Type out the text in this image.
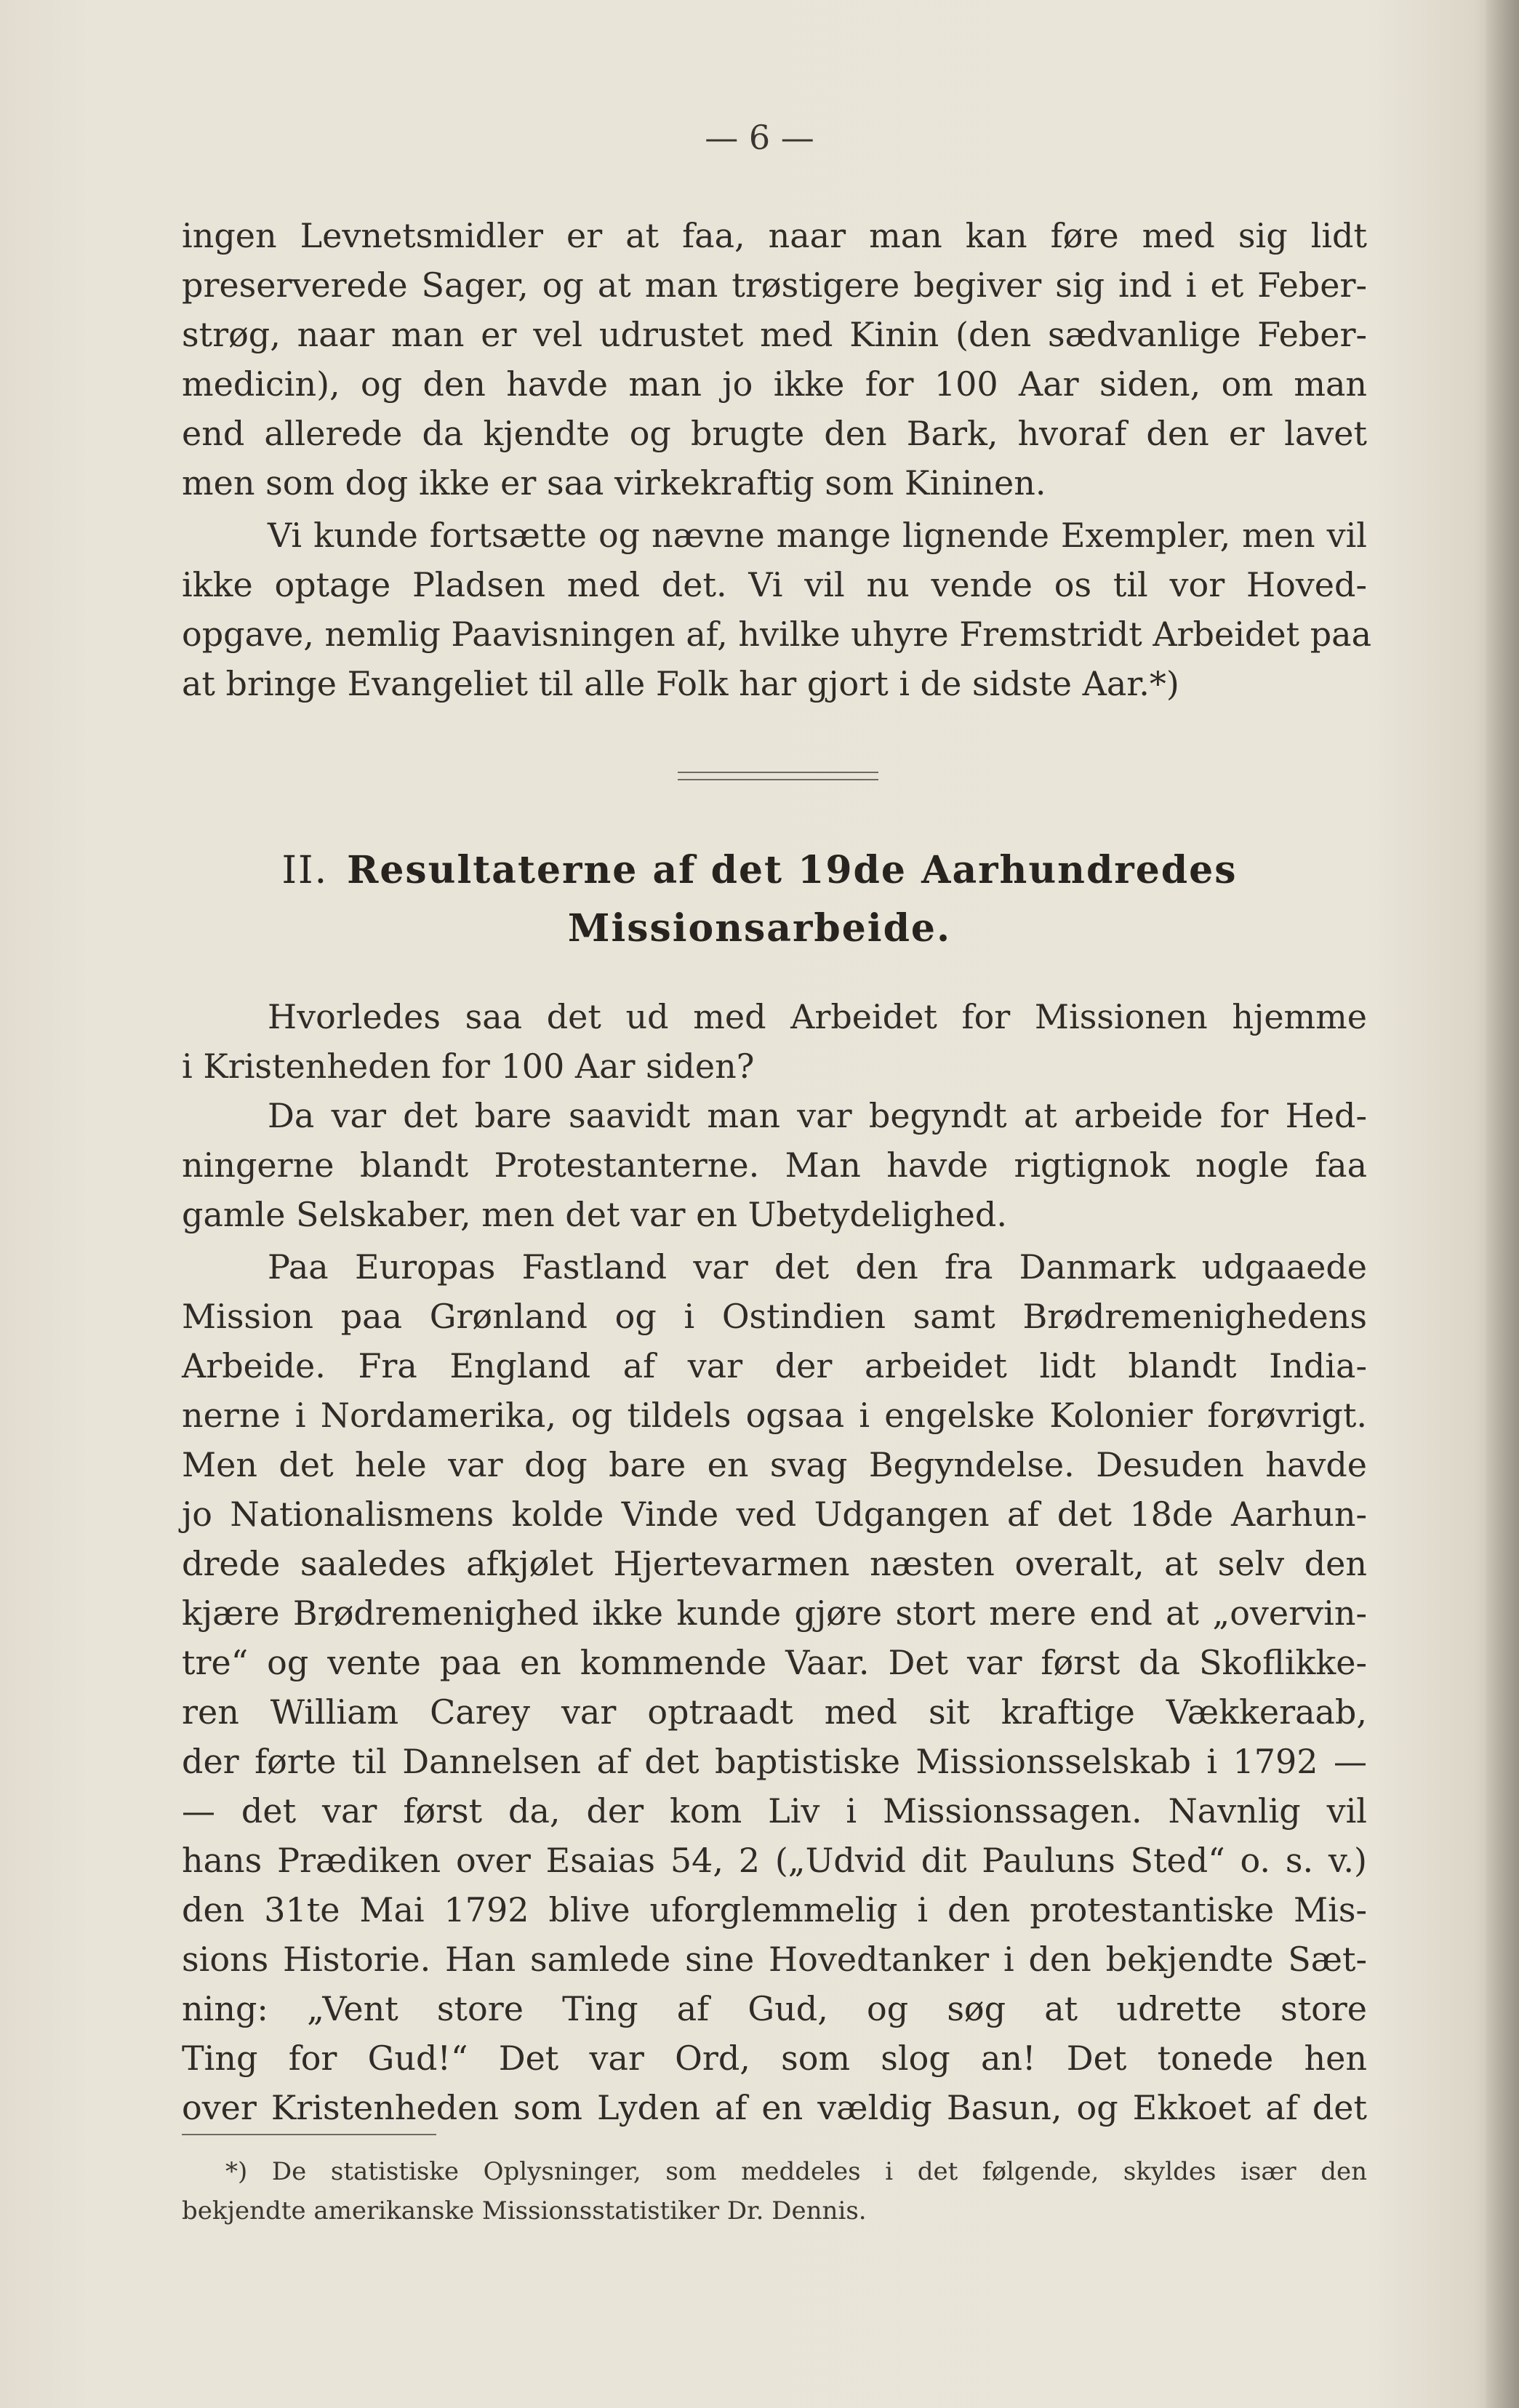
— 6 —
ingen Levnetsmidler er at faa, naar man kan føre med sig lidt
preserverede Sager, og at man trøstigere begiver sig ind i et Feber-
strøg, naar man er vel udrustet med Kinin (den sædvanlige Feber-
medicin), og den havde man jo ikke for 100 Aar siden, om man
end allerede da kjendte og brugte den Bark, hvoraf den er lavet
men som dog ikke er saa virkekraftig som Kininen.
Vi kunde fortsætte og nævne mange lignende Exempler, men vil
ikke optage Pladsen med det. Vi vil nu vende os til vor Hoved-
opgave, nemlig Paavisningen af, hvilke uhyre Fremstridt Arbeidet paa
at bringe Evangeliet til alle Folk har gjort i de sidste Aar.*)
II. Resultaterne af det 19de Aarhundredes
Missionsarbeide.
Hvorledes saa det ud med Arbeidet for Missionen hjemme
i Kristenheden for 100 Aar siden?
Da var det bare saavidt man var begyndt at arbeide for Hed-
ningerne blandt Protestanterne. Man havde rigtignok nogle faa
gamle Selskaber, men det var en Ubetydelighed.
Paa Europas Fastland var det den fra Danmark udgaaede
Mission paa Grønland og i Ostindien samt Brødremenighedens
Arbeide. Fra England af var der arbeidet lidt blandt India-
nerne i Nordamerika, og tildels ogsaa i engelske Kolonier forøvrigt.
Men det hele var dog bare en svag Begyndelse. Desuden havde
jo Nationalismens kolde Vinde ved Udgangen af det 18de Aarhun-
drede saaledes afkjølet Hjertevarmen næsten overalt, at selv den
kjære Brødremenighed ikke kunde gjøre stort mere end at „overvin-
tre“ og vente paa en kommende Vaar. Det var først da Skoflikke-
ren William Carey var optraadt med sit kraftige Vækkeraab,
der førte til Dannelsen af det baptistiske Missionsselskab i 1792 —
— det var først da, der kom Liv i Missionssagen. Navnlig vil
hans Prædiken over Esaias 54, 2 („Udvid dit Pauluns Sted“ o. s. v.)
den 31te Mai 1792 blive uforglemmelig i den protestantiske Mis-
sions Historie. Han samlede sine Hovedtanker i den bekjendte Sæt-
ning: „Vent store Ting af Gud, og søg at udrette store
Ting for Gud!“ Det var Ord, som slog an! Det tonede hen
over Kristenheden som Lyden af en vældig Basun, og Ekkoet af det
*) De statistiske Oplysninger, som meddeles i det følgende, skyldes især den
bekjendte amerikanske Missionsstatistiker Dr. Dennis.
